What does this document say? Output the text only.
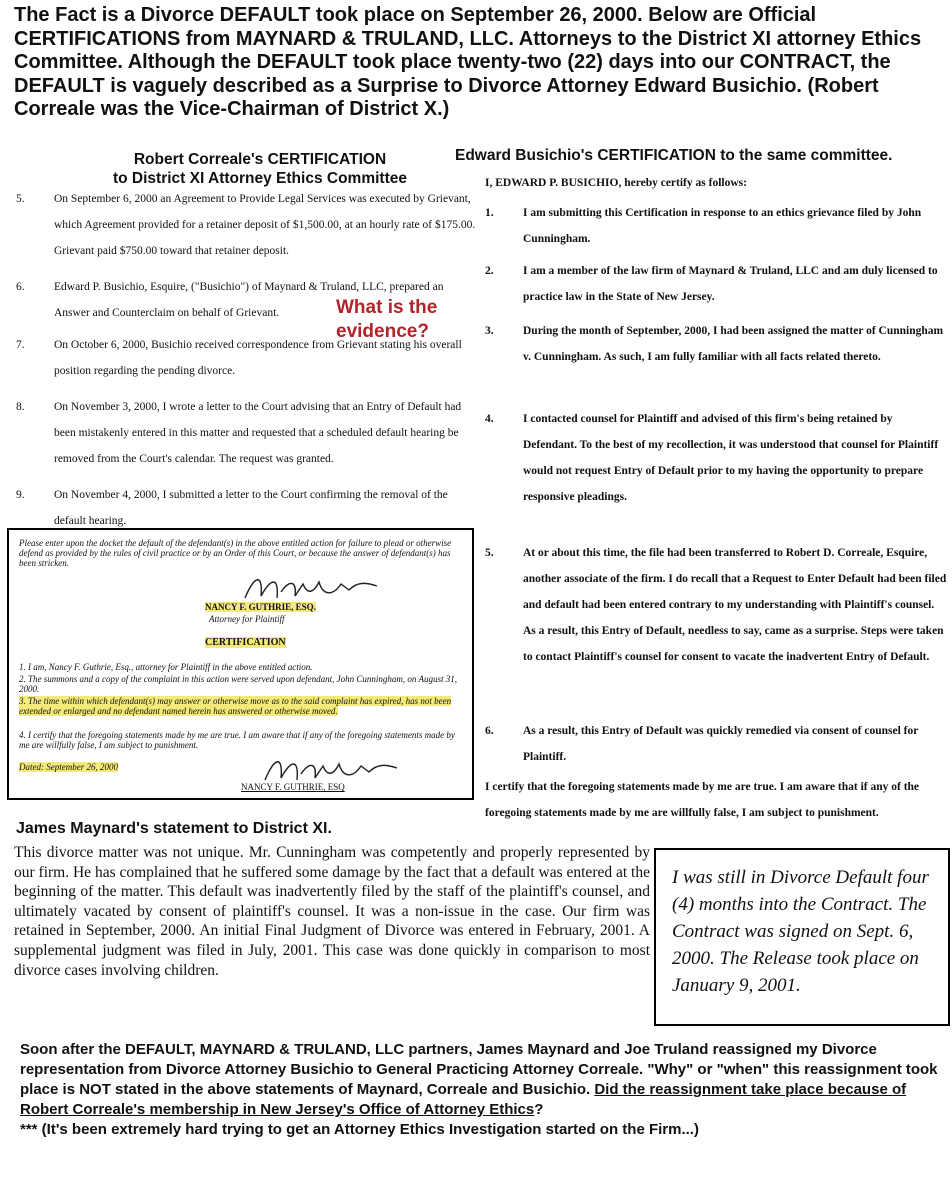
The Fact is a Divorce DEFAULT took place on September 26, 2000. Below are Official CERTIFICATIONS from MAYNARD & TRULAND, LLC. Attorneys to the District XI attorney Ethics Committee. Although the DEFAULT took place twenty-two (22) days into our CONTRACT, the DEFAULT is vaguely described as a Surprise to Divorce Attorney Edward Busichio. (Robert Correale was the Vice-Chairman of District X.)
Robert Correale's CERTIFICATION
to District XI Attorney Ethics Committee
Edward Busichio's CERTIFICATION to the same committee.
5.	On September 6, 2000 an Agreement to Provide Legal Services was executed by Grievant, which Agreement provided for a retainer deposit of $1,500.00, at an hourly rate of $175.00. Grievant paid $750.00 toward that retainer deposit.
6.	Edward P. Busichio, Esquire, ("Busichio") of Maynard & Truland, LLC, prepared an Answer and Counterclaim on behalf of Grievant.
7.	On October 6, 2000, Busichio received correspondence from Grievant stating his overall position regarding the pending divorce.
8.	On November 3, 2000, I wrote a letter to the Court advising that an Entry of Default had been mistakenly entered in this matter and requested that a scheduled default hearing be removed from the Court's calendar. The request was granted.
9.	On November 4, 2000, I submitted a letter to the Court confirming the removal of the default hearing.
What is the evidence?
Please enter upon the docket the default of the defendant(s) in the above entitled action for failure to plead or otherwise defend as provided by the rules of civil practice or by an Order of this Court, or because the answer of defendant(s) has been stricken.
NANCY F. GUTHRIE, ESQ.
Attorney for Plaintiff
CERTIFICATION
1. I am, Nancy F. Guthrie, Esq., attorney for Plaintiff in the above entitled action.
2. The summons and a copy of the complaint in this action were served upon defendant, John Cunningham, on August 31, 2000.
3. The time within which defendant(s) may answer or otherwise move as to the said complaint has expired, has not been extended or enlarged and no defendant named herein has answered or otherwise moved.
4. I certify that the foregoing statements made by me are true. I am aware that if any of the foregoing statements made by me are willfully false, I am subject to punishment.
Dated: September 26, 2000
NANCY F. GUTHRIE, ESQ
I, EDWARD P. BUSICHIO, hereby certify as follows:
1.	I am submitting this Certification in response to an ethics grievance filed by John Cunningham.
2.	I am a member of the law firm of Maynard & Truland, LLC and am duly licensed to practice law in the State of New Jersey.
3.	During the month of September, 2000, I had been assigned the matter of Cunningham v. Cunningham. As such, I am fully familiar with all facts related thereto.
4.	I contacted counsel for Plaintiff and advised of this firm's being retained by Defendant. To the best of my recollection, it was understood that counsel for Plaintiff would not request Entry of Default prior to my having the opportunity to prepare responsive pleadings.
5.	At or about this time, the file had been transferred to Robert D. Correale, Esquire, another associate of the firm. I do recall that a Request to Enter Default had been filed and default had been entered contrary to my understanding with Plaintiff's counsel. As a result, this Entry of Default, needless to say, came as a surprise. Steps were taken to contact Plaintiff's counsel for consent to vacate the inadvertent Entry of Default.
6.	As a result, this Entry of Default was quickly remedied via consent of counsel for Plaintiff.
I certify that the foregoing statements made by me are true. I am aware that if any of the foregoing statements made by me are willfully false, I am subject to punishment.
James Maynard's statement to District XI.
This divorce matter was not unique. Mr. Cunningham was competently and properly represented by our firm. He has complained that he suffered some damage by the fact that a default was entered at the beginning of the matter. This default was inadvertently filed by the staff of the plaintiff's counsel, and ultimately vacated by consent of plaintiff's counsel. It was a non-issue in the case. Our firm was retained in September, 2000. An initial Final Judgment of Divorce was entered in February, 2001. A supplemental judgment was filed in July, 2001. This case was done quickly in comparison to most divorce cases involving children.
I was still in Divorce Default four (4) months into the Contract. The Contract was signed on Sept. 6, 2000. The Release took place on January 9, 2001.
Soon after the DEFAULT, MAYNARD & TRULAND, LLC partners, James Maynard and Joe Truland reassigned my Divorce representation from Divorce Attorney Busichio to General Practicing Attorney Correale. "Why" or "when" this reassignment took place is NOT stated in the above statements of Maynard, Correale and Busichio. Did the reassignment take place because of Robert Correale's membership in New Jersey's Office of Attorney Ethics?
*** (It's been extremely hard trying to get an Attorney Ethics Investigation started on the Firm...)
